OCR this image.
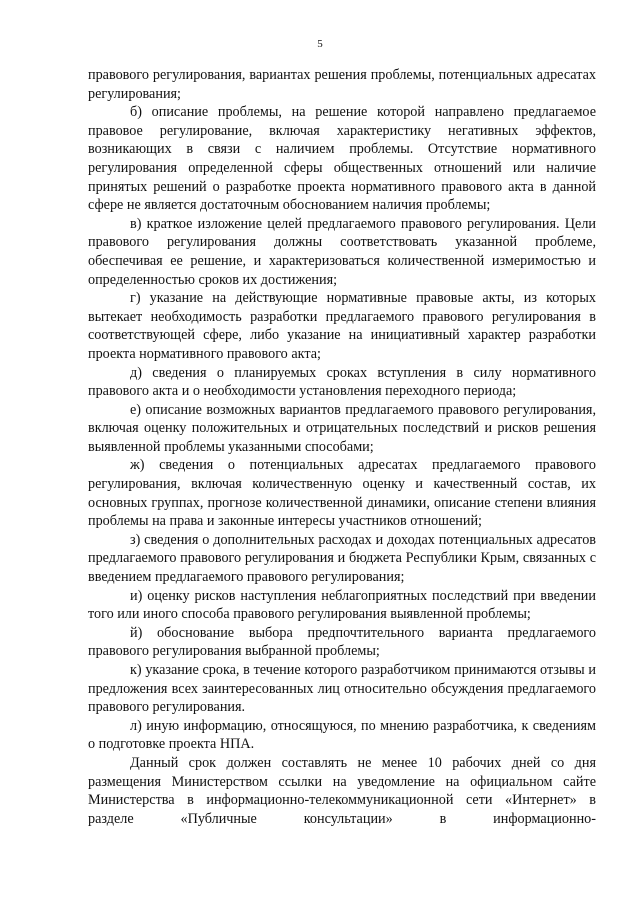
5

правового регулирования, вариантах решения проблемы, потенциальных адресатах регулирования;

б) описание проблемы, на решение которой направлено предлагаемое правовое регулирование, включая характеристику негативных эффектов, возникающих в связи с наличием проблемы. Отсутствие нормативного регулирования определенной сферы общественных отношений или наличие принятых решений о разработке проекта нормативного правового акта в данной сфере не является достаточным обоснованием наличия проблемы;

в) краткое изложение целей предлагаемого правового регулирования. Цели правового регулирования должны соответствовать указанной проблеме, обеспечивая ее решение, и характеризоваться количественной измеримостью и определенностью сроков их достижения;

г) указание на действующие нормативные правовые акты, из которых вытекает необходимость разработки предлагаемого правового регулирования в соответствующей сфере, либо указание на инициативный характер разработки проекта нормативного правового акта;

д) сведения о планируемых сроках вступления в силу нормативного правового акта и о необходимости установления переходного периода;

е) описание возможных вариантов предлагаемого правового регулирования, включая оценку положительных и отрицательных последствий и рисков решения выявленной проблемы указанными способами;

ж) сведения о потенциальных адресатах предлагаемого правового регулирования, включая количественную оценку и качественный состав, их основных группах, прогнозе количественной динамики, описание степени влияния проблемы на права и законные интересы участников отношений;

з) сведения о дополнительных расходах и доходах потенциальных адресатов предлагаемого правового регулирования и бюджета Республики Крым, связанных с введением предлагаемого правового регулирования;

и) оценку рисков наступления неблагоприятных последствий при введении того или иного способа правового регулирования выявленной проблемы;

й) обоснование выбора предпочтительного варианта предлагаемого правового регулирования выбранной проблемы;

к) указание срока, в течение которого разработчиком принимаются отзывы и предложения всех заинтересованных лиц относительно обсуждения предлагаемого правового регулирования.

л) иную информацию, относящуюся, по мнению разработчика, к сведениям о подготовке проекта НПА.

Данный срок должен составлять не менее 10 рабочих дней со дня размещения Министерством ссылки на уведомление на официальном сайте Министерства в информационно-телекоммуникационной сети «Интернет» в разделе «Публичные консультации» в информационно-
